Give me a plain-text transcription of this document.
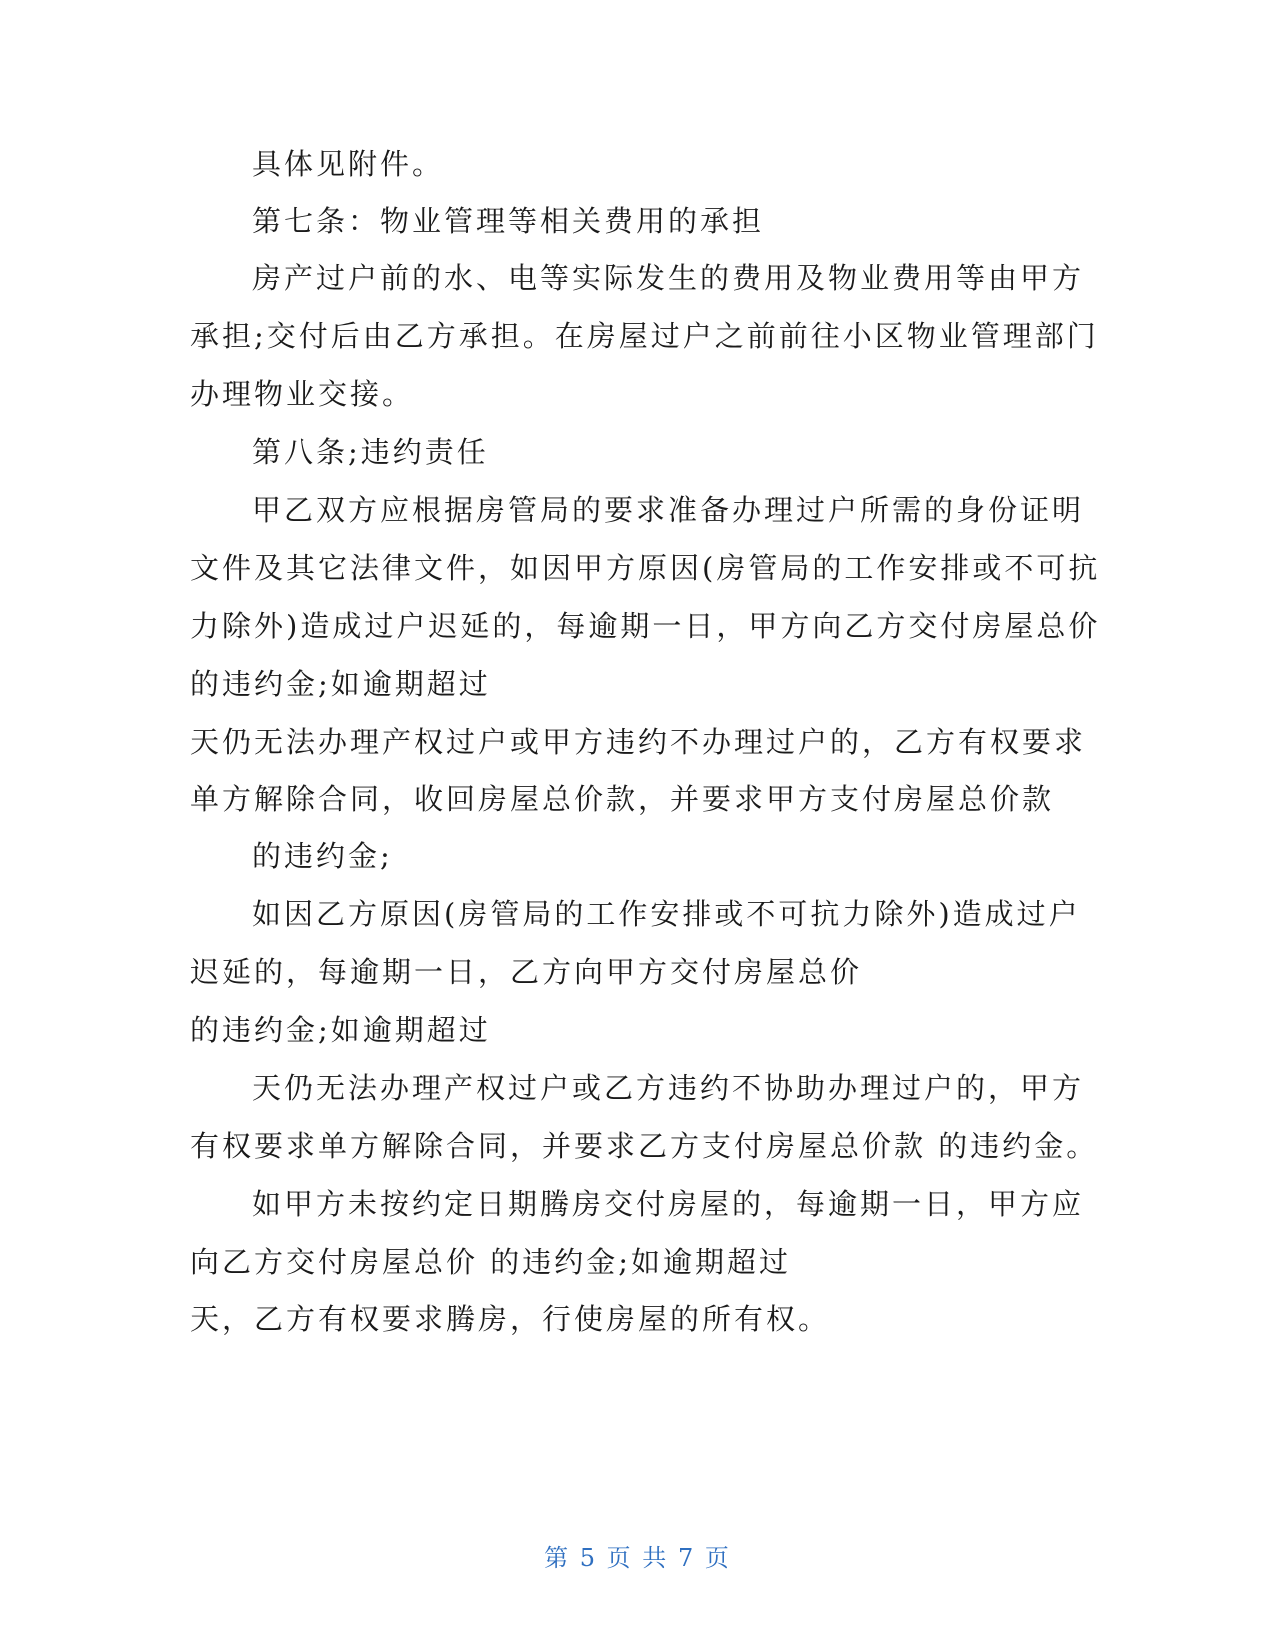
具体见附件。
第七条：物业管理等相关费用的承担
房产过户前的水、电等实际发生的费用及物业费用等由甲方
承担;交付后由乙方承担。在房屋过户之前前往小区物业管理部门
办理物业交接。
第八条;违约责任
甲乙双方应根据房管局的要求准备办理过户所需的身份证明
文件及其它法律文件，如因甲方原因(房管局的工作安排或不可抗
力除外)造成过户迟延的，每逾期一日，甲方向乙方交付房屋总价
的违约金;如逾期超过
天仍无法办理产权过户或甲方违约不办理过户的，乙方有权要求
单方解除合同，收回房屋总价款，并要求甲方支付房屋总价款
的违约金;
如因乙方原因(房管局的工作安排或不可抗力除外)造成过户
迟延的，每逾期一日，乙方向甲方交付房屋总价
的违约金;如逾期超过
天仍无法办理产权过户或乙方违约不协助办理过户的，甲方
有权要求单方解除合同，并要求乙方支付房屋总价款 的违约金。
如甲方未按约定日期腾房交付房屋的，每逾期一日，甲方应
向乙方交付房屋总价 的违约金;如逾期超过
天，乙方有权要求腾房，行使房屋的所有权。
第 5 页 共 7 页
